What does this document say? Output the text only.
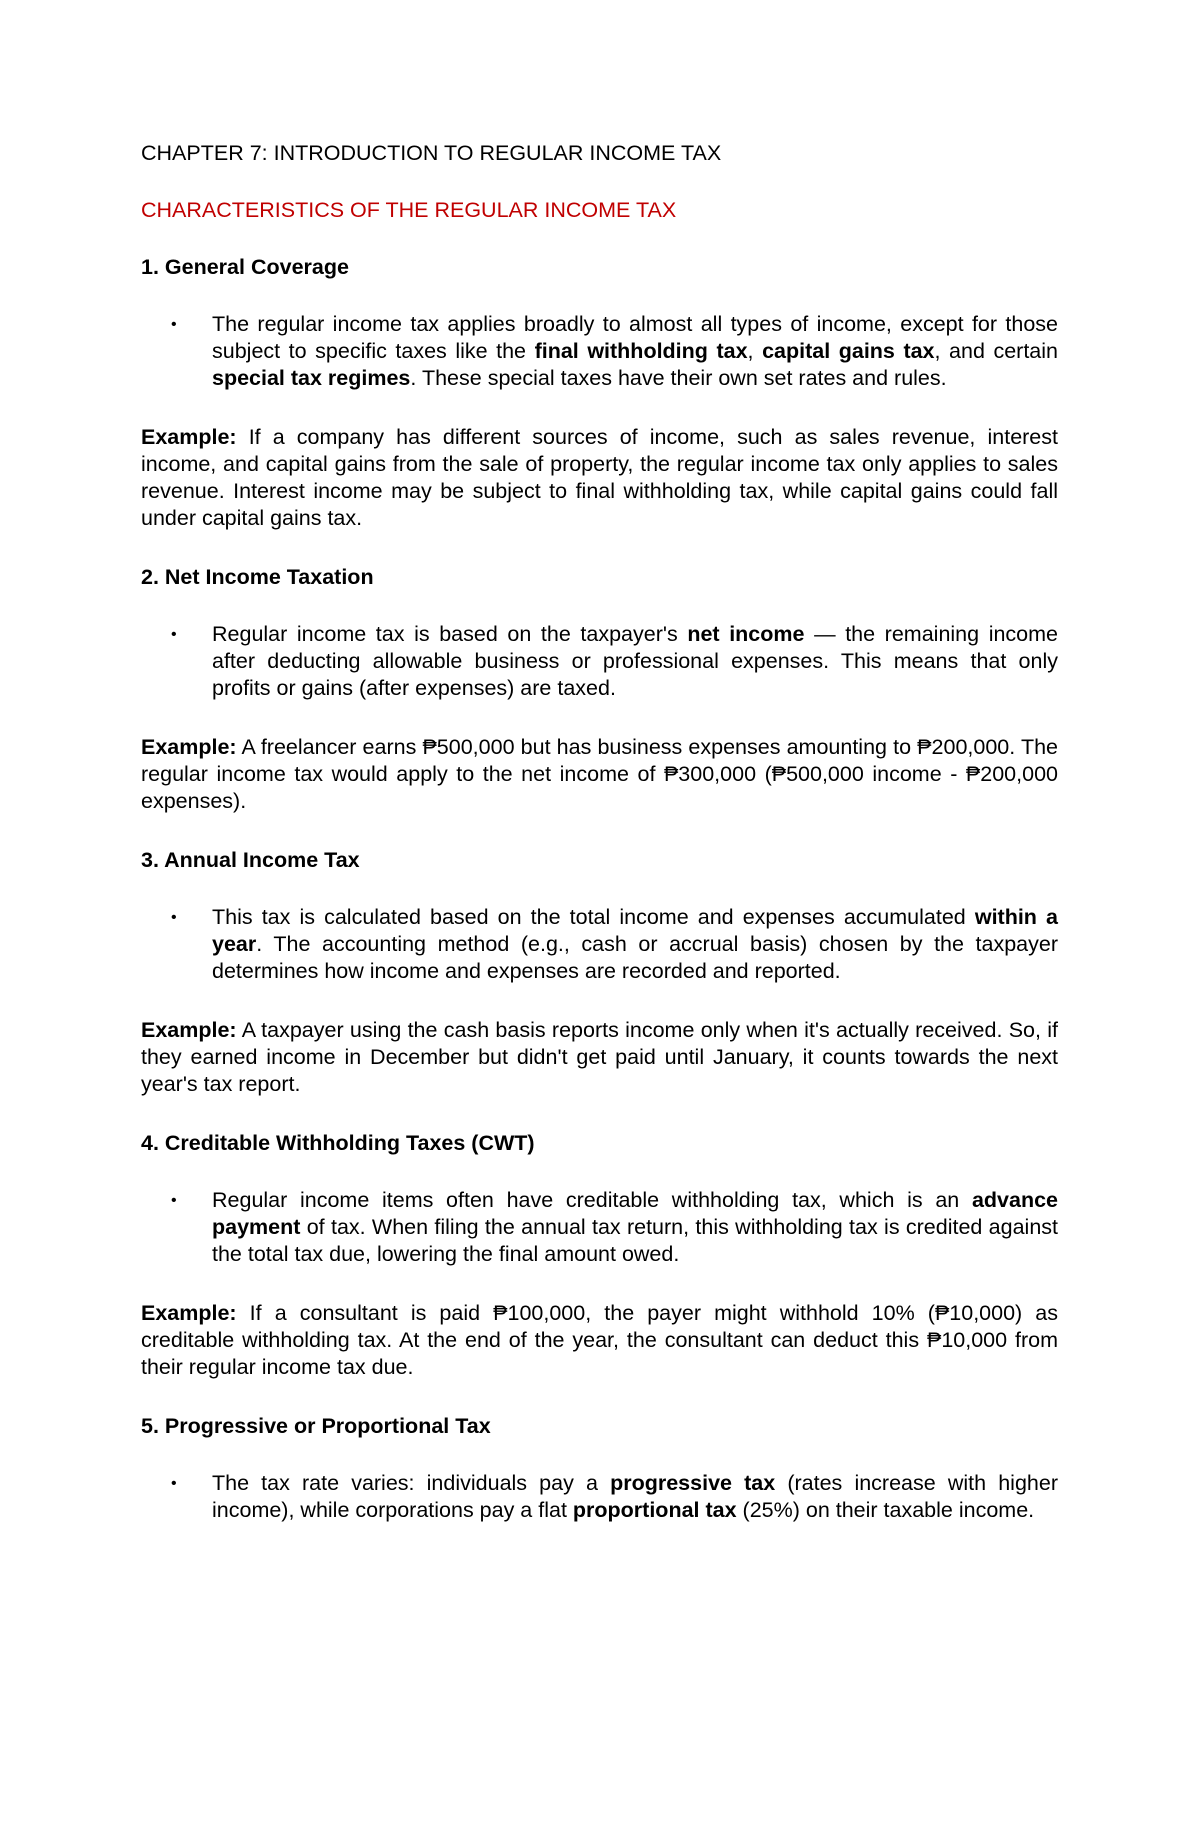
CHAPTER 7: INTRODUCTION TO REGULAR INCOME TAX
CHARACTERISTICS OF THE REGULAR INCOME TAX
1. General Coverage
• The regular income tax applies broadly to almost all types of income, except for those subject to specific taxes like the final withholding tax, capital gains tax, and certain special tax regimes. These special taxes have their own set rates and rules.

Example: If a company has different sources of income, such as sales revenue, interest income, and capital gains from the sale of property, the regular income tax only applies to sales revenue. Interest income may be subject to final withholding tax, while capital gains could fall under capital gains tax.

2. Net Income Taxation
• Regular income tax is based on the taxpayer's net income — the remaining income after deducting allowable business or professional expenses. This means that only profits or gains (after expenses) are taxed.

Example: A freelancer earns ₱500,000 but has business expenses amounting to ₱200,000. The regular income tax would apply to the net income of ₱300,000 (₱500,000 income - ₱200,000 expenses).

3. Annual Income Tax
• This tax is calculated based on the total income and expenses accumulated within a year. The accounting method (e.g., cash or accrual basis) chosen by the taxpayer determines how income and expenses are recorded and reported.

Example: A taxpayer using the cash basis reports income only when it's actually received. So, if they earned income in December but didn't get paid until January, it counts towards the next year's tax report.

4. Creditable Withholding Taxes (CWT)
• Regular income items often have creditable withholding tax, which is an advance payment of tax. When filing the annual tax return, this withholding tax is credited against the total tax due, lowering the final amount owed.

Example: If a consultant is paid ₱100,000, the payer might withhold 10% (₱10,000) as creditable withholding tax. At the end of the year, the consultant can deduct this ₱10,000 from their regular income tax due.

5. Progressive or Proportional Tax
• The tax rate varies: individuals pay a progressive tax (rates increase with higher income), while corporations pay a flat proportional tax (25%) on their taxable income.
